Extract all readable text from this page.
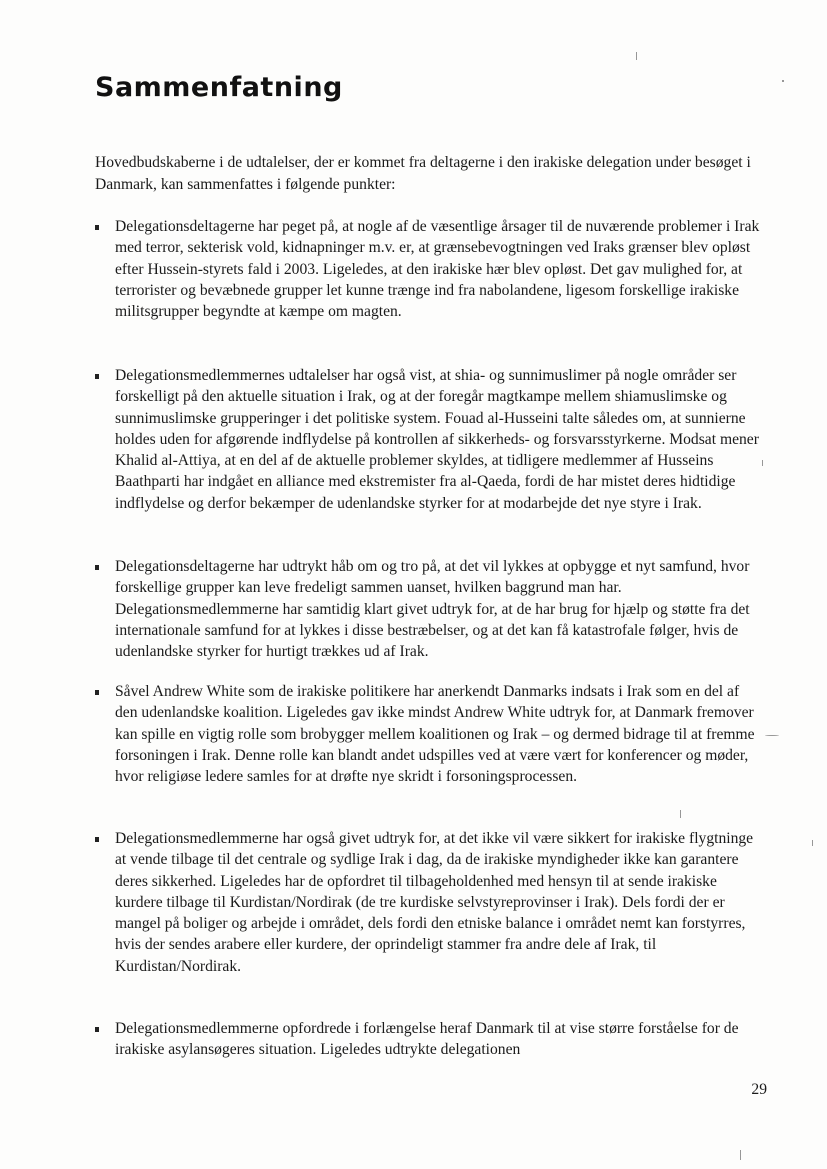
Sammenfatning

Hovedbudskaberne i de udtalelser, der er kommet fra deltagerne i den irakiske delegation under besøget i Danmark, kan sammenfattes i følgende punkter:

Delegationsdeltagerne har peget på, at nogle af de væsentlige årsager til de nuværende problemer i Irak med terror, sekterisk vold, kidnapninger m.v. er, at grænsebevogtningen ved Iraks grænser blev opløst efter Hussein-styrets fald i 2003. Ligeledes, at den irakiske hær blev opløst. Det gav mulighed for, at terrorister og bevæbnede grupper let kunne trænge ind fra nabolandene, ligesom forskellige irakiske militsgrupper begyndte at kæmpe om magten.
Delegationsmedlemmernes udtalelser har også vist, at shia- og sunnimuslimer på nogle områder ser forskelligt på den aktuelle situation i Irak, og at der foregår magtkampe mellem shiamuslimske og sunnimuslimske grupperinger i det politiske system. Fouad al-Husseini talte således om, at sunnierne holdes uden for afgørende indflydelse på kontrollen af sikkerheds- og forsvarsstyrkerne. Modsat mener Khalid al-Attiya, at en del af de aktuelle problemer skyldes, at tidligere medlemmer af Husseins Baathparti har indgået en alliance med ekstremister fra al-Qaeda, fordi de har mistet deres hidtidige indflydelse og derfor bekæmper de udenlandske styrker for at modarbejde det nye styre i Irak.
Delegationsdeltagerne har udtrykt håb om og tro på, at det vil lykkes at opbygge et nyt samfund, hvor forskellige grupper kan leve fredeligt sammen uanset, hvilken baggrund man har. Delegationsmedlemmerne har samtidig klart givet udtryk for, at de har brug for hjælp og støtte fra det internationale samfund for at lykkes i disse bestræbelser, og at det kan få katastrofale følger, hvis de udenlandske styrker for hurtigt trækkes ud af Irak.
Såvel Andrew White som de irakiske politikere har anerkendt Danmarks indsats i Irak som en del af den udenlandske koalition. Ligeledes gav ikke mindst Andrew White udtryk for, at Danmark fremover kan spille en vigtig rolle som brobygger mellem koalitionen og Irak – og dermed bidrage til at fremme forsoningen i Irak. Denne rolle kan blandt andet udspilles ved at være vært for konferencer og møder, hvor religiøse ledere samles for at drøfte nye skridt i forsoningsprocessen.
Delegationsmedlemmerne har også givet udtryk for, at det ikke vil være sikkert for irakiske flygtninge at vende tilbage til det centrale og sydlige Irak i dag, da de irakiske myndigheder ikke kan garantere deres sikkerhed. Ligeledes har de opfordret til tilbageholdenhed med hensyn til at sende irakiske kurdere tilbage til Kurdistan/Nordirak (de tre kurdiske selvstyreprovinser i Irak). Dels fordi der er mangel på boliger og arbejde i området, dels fordi den etniske balance i området nemt kan forstyrres, hvis der sendes arabere eller kurdere, der oprindeligt stammer fra andre dele af Irak, til Kurdistan/Nordirak.
Delegationsmedlemmerne opfordrede i forlængelse heraf Danmark til at vise større forståelse for de irakiske asylansøgeres situation. Ligeledes udtrykte delegationen
29
